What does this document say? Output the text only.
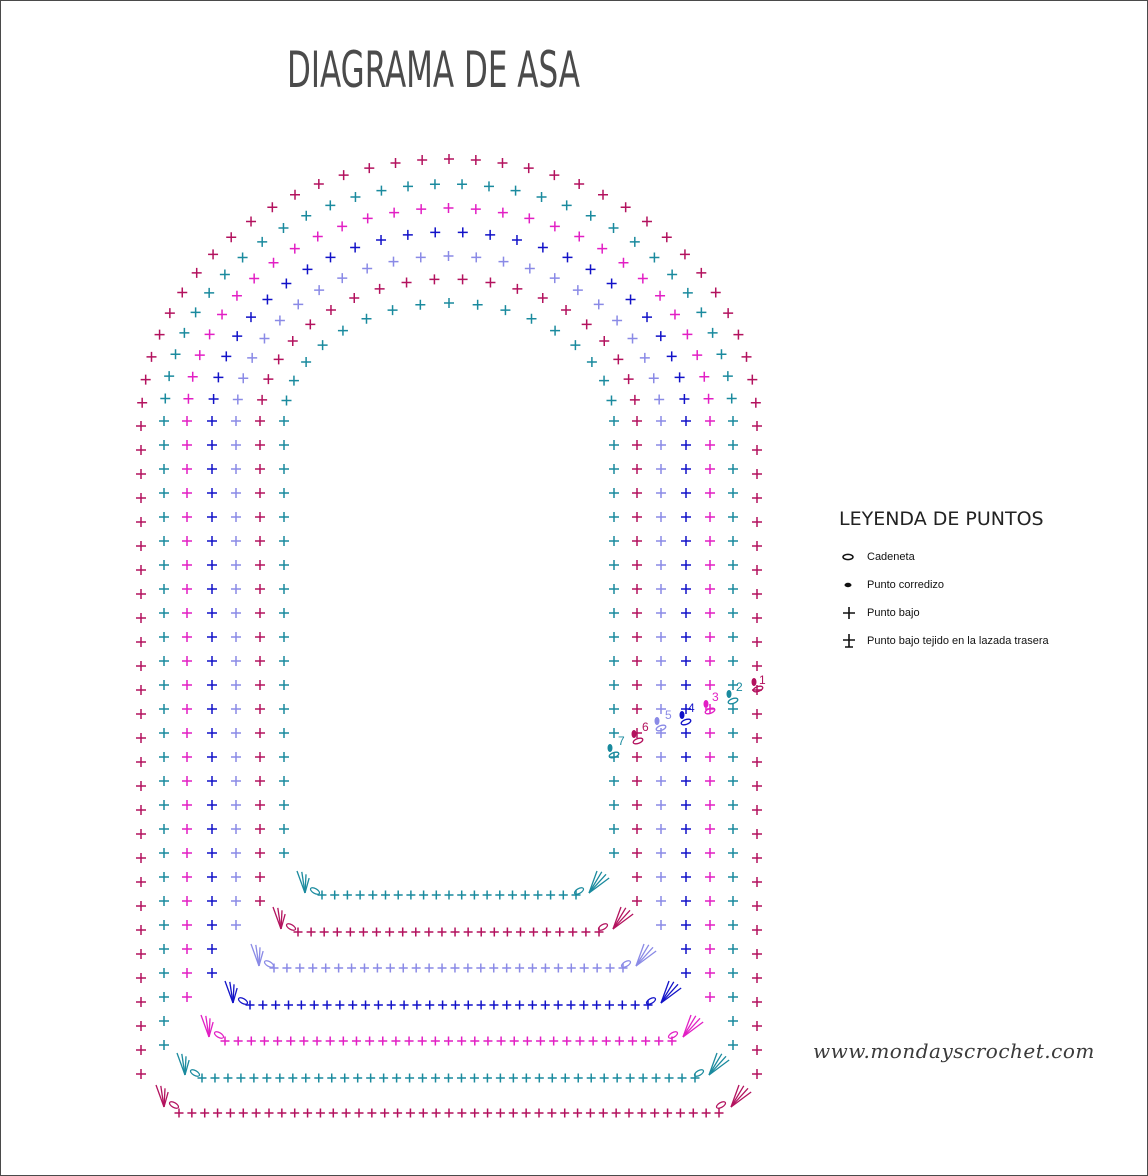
DIAGRAMA DE ASA
1
2
3
4
5
6
7
LEYENDA DE PUNTOS
Cadeneta
Punto corredizo
Punto bajo
Punto bajo tejido en la lazada trasera
www.mondayscrochet.com
